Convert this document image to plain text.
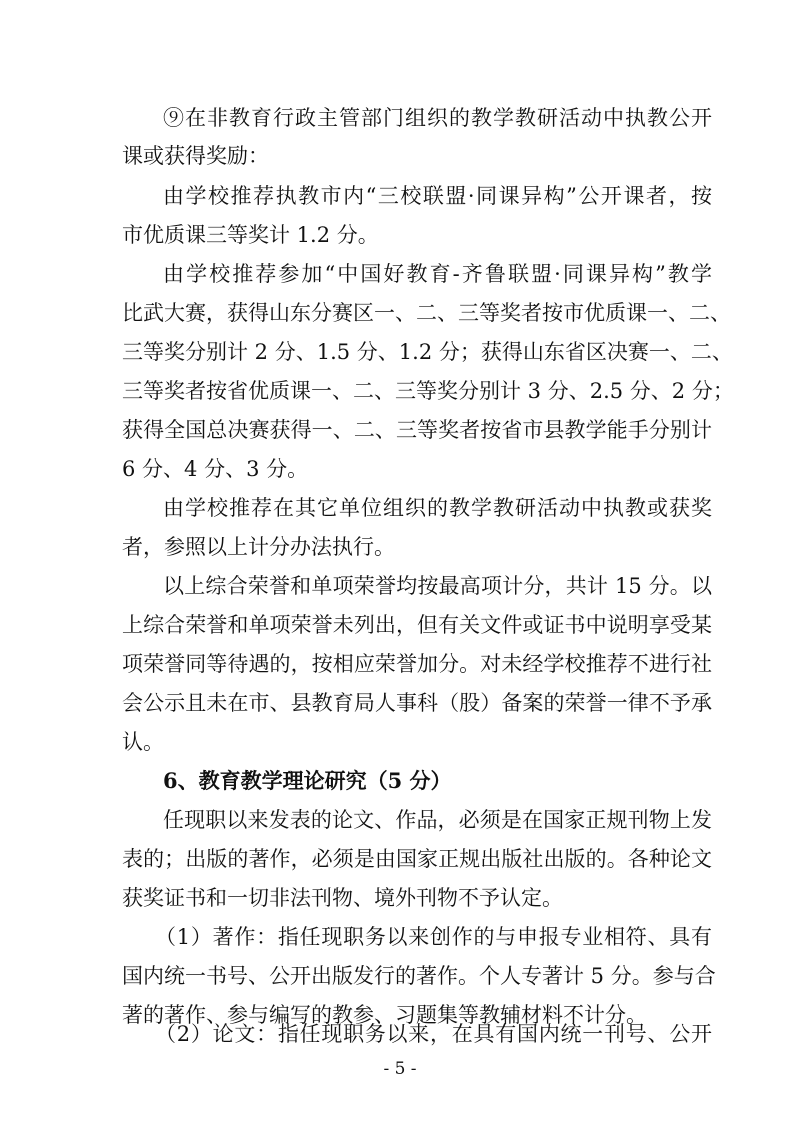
⑨在非教育行政主管部门组织的教学教研活动中执教公开
课或获得奖励：
由学校推荐执教市内“三校联盟·同课异构”公开课者，按
市优质课三等奖计 1.2 分。
由学校推荐参加“中国好教育-齐鲁联盟·同课异构”教学
比武大赛，获得山东分赛区一、二、三等奖者按市优质课一、二、
三等奖分别计 2 分、1.5 分、1.2 分；获得山东省区决赛一、二、
三等奖者按省优质课一、二、三等奖分别计 3 分、2.5 分、2 分；
获得全国总决赛获得一、二、三等奖者按省市县教学能手分别计
6 分、4 分、3 分。
由学校推荐在其它单位组织的教学教研活动中执教或获奖
者，参照以上计分办法执行。
以上综合荣誉和单项荣誉均按最高项计分，共计 15 分。以
上综合荣誉和单项荣誉未列出，但有关文件或证书中说明享受某
项荣誉同等待遇的，按相应荣誉加分。对未经学校推荐不进行社
会公示且未在市、县教育局人事科（股）备案的荣誉一律不予承
认。
6、教育教学理论研究（5 分）
任现职以来发表的论文、作品，必须是在国家正规刊物上发
表的；出版的著作，必须是由国家正规出版社出版的。各种论文
获奖证书和一切非法刊物、境外刊物不予认定。
（1）著作：指任现职务以来创作的与申报专业相符、具有
国内统一书号、公开出版发行的著作。个人专著计 5 分。参与合
著的著作、参与编写的教参、习题集等教辅材料不计分。
（2）论文：指任现职务以来，在具有国内统一刊号、公开
- 5 -
